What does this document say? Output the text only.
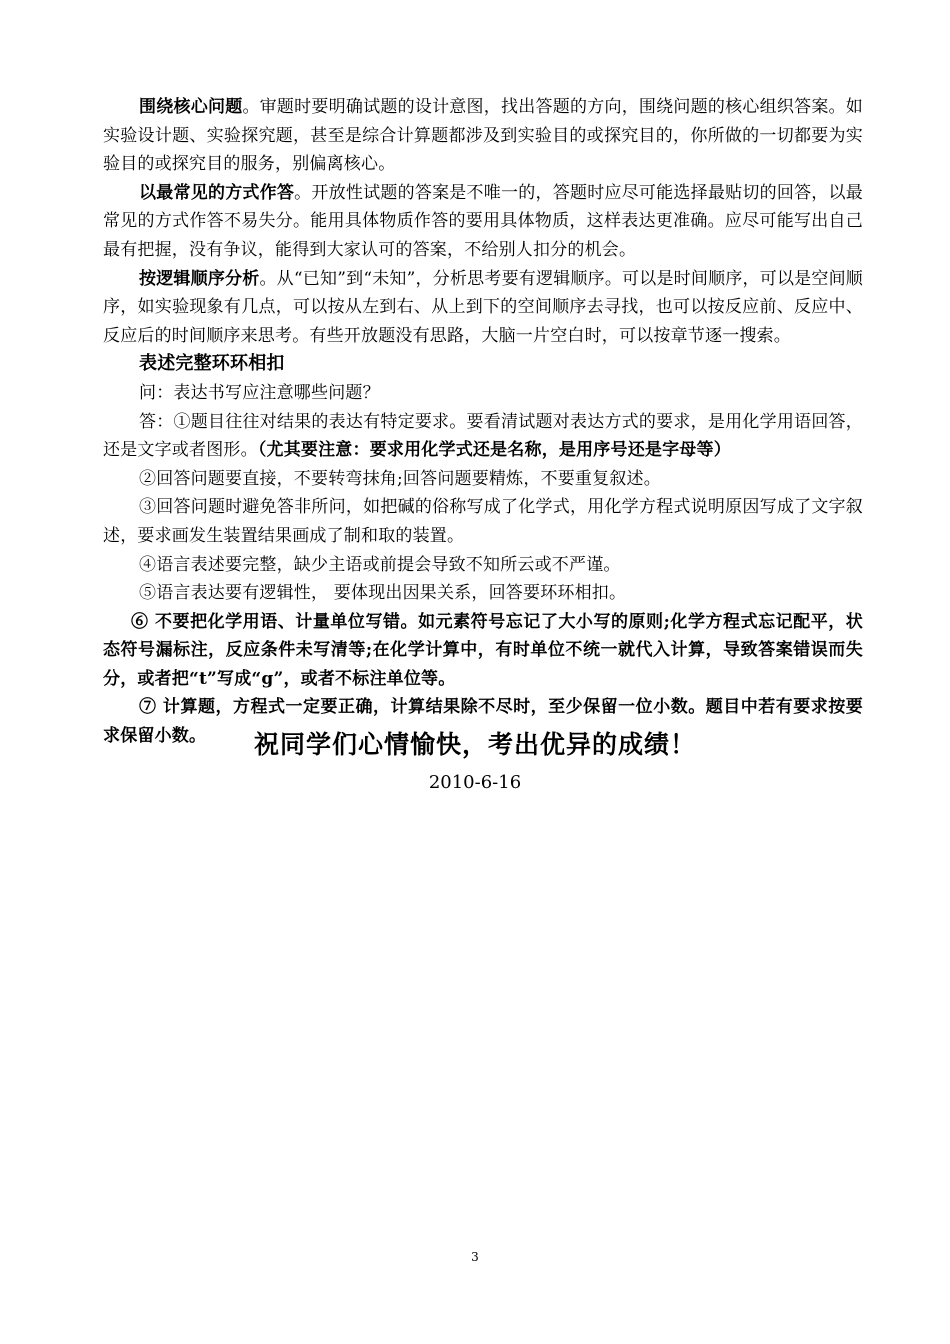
围绕核心问题。审题时要明确试题的设计意图，找出答题的方向，围绕问题的核心组织答案。如实验设计题、实验探究题，甚至是综合计算题都涉及到实验目的或探究目的，你所做的一切都要为实验目的或探究目的服务，别偏离核心。

以最常见的方式作答。开放性试题的答案是不唯一的，答题时应尽可能选择最贴切的回答，以最常见的方式作答不易失分。能用具体物质作答的要用具体物质，这样表达更准确。应尽可能写出自己最有把握，没有争议，能得到大家认可的答案，不给别人扣分的机会。

按逻辑顺序分析。从“已知”到“未知”，分析思考要有逻辑顺序。可以是时间顺序，可以是空间顺序，如实验现象有几点，可以按从左到右、从上到下的空间顺序去寻找，也可以按反应前、反应中、反应后的时间顺序来思考。有些开放题没有思路，大脑一片空白时，可以按章节逐一搜索。

表述完整环环相扣

问：表达书写应注意哪些问题？

答：①题目往往对结果的表达有特定要求。要看清试题对表达方式的要求，是用化学用语回答，还是文字或者图形。（尤其要注意：要求用化学式还是名称，是用序号还是字母等）

②回答问题要直接，不要转弯抹角;回答问题要精炼，不要重复叙述。

③回答问题时避免答非所问，如把碱的俗称写成了化学式，用化学方程式说明原因写成了文字叙述，要求画发生装置结果画成了制和取的装置。

④语言表述要完整，缺少主语或前提会导致不知所云或不严谨。

⑤语言表达要有逻辑性， 要体现出因果关系，回答要环环相扣。

⑥ 不要把化学用语、计量单位写错。如元素符号忘记了大小写的原则;化学方程式忘记配平，状态符号漏标注，反应条件未写清等;在化学计算中，有时单位不统一就代入计算，导致答案错误而失分，或者把“t”写成“g”，或者不标注单位等。

⑦ 计算题，方程式一定要正确，计算结果除不尽时，至少保留一位小数。题目中若有要求按要求保留小数。	祝同学们心情愉快，考出优异的成绩！
2010-6-16
3
